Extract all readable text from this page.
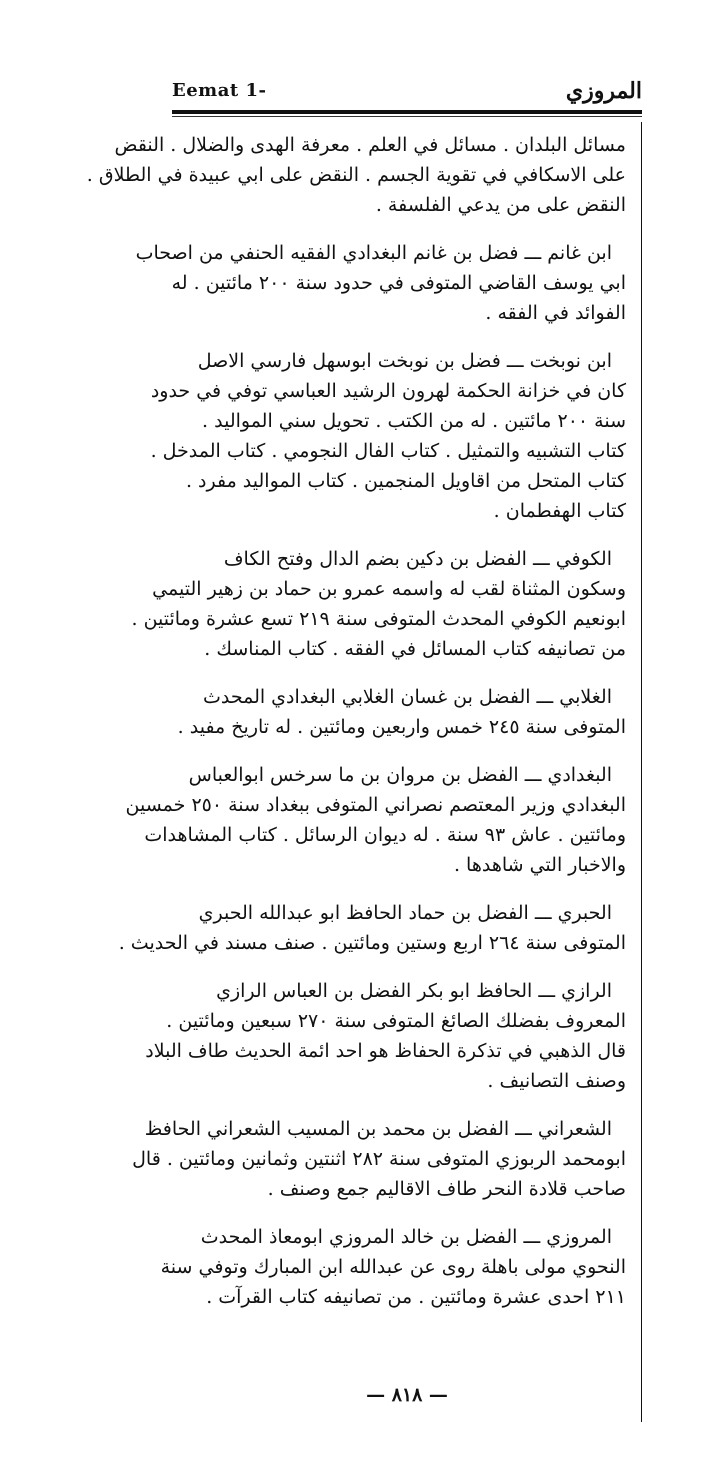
المروزي
Eemat 1-
مسائل البلدان . مسائل في العلم . معرفة الهدى والضلال . النقض
على الاسكافي في تقوية الجسم . النقض على ابي عبيدة في الطلاق .
النقض على من يدعي الفلسفة .
ابن غانم ـــ فضل بن غانم البغدادي الفقيه الحنفي من اصحاب
ابي يوسف القاضي المتوفى في حدود سنة ٢٠٠ مائتين . له
الفوائد في الفقه .
ابن نوبخت ـــ فضل بن نوبخت ابوسهل فارسي الاصل
كان في خزانة الحكمة لهرون الرشيد العباسي توفي في حدود
سنة ٢٠٠ مائتين . له من الكتب . تحويل سني المواليد .
كتاب التشبيه والتمثيل . كتاب الفال النجومي . كتاب المدخل .
كتاب المتحل من اقاويل المنجمين . كتاب المواليد مفرد .
كتاب الهفطمان .
الكوفي ـــ الفضل بن دكين بضم الدال وفتح الكاف
وسكون المثناة لقب له واسمه عمرو بن حماد بن زهير التيمي
ابونعيم الكوفي المحدث المتوفى سنة ٢١٩ تسع عشرة ومائتين .
من تصانيفه كتاب المسائل في الفقه . كتاب المناسك .
الغلابي ـــ الفضل بن غسان الغلابي البغدادي المحدث
المتوفى سنة ٢٤٥ خمس واربعين ومائتين . له تاريخ مفيد .
البغدادي ـــ الفضل بن مروان بن ما سرخس ابوالعباس
البغدادي وزير المعتصم نصراني المتوفى ببغداد سنة ٢٥٠ خمسين
ومائتين . عاش ٩٣ سنة . له ديوان الرسائل . كتاب المشاهدات
والاخبار التي شاهدها .
الحبري ـــ الفضل بن حماد الحافظ ابو عبدالله الحبري
المتوفى سنة ٢٦٤ اربع وستين ومائتين . صنف مسند في الحديث .
الرازي ـــ الحافظ ابو بكر الفضل بن العباس الرازي
المعروف بفضلك الصائغ المتوفى سنة ٢٧٠ سبعين ومائتين .
قال الذهبي في تذكرة الحفاظ هو احد ائمة الحديث طاف البلاد
وصنف التصانيف .
الشعراني ـــ الفضل بن محمد بن المسيب الشعراني الحافظ
ابومحمد الربوزي المتوفى سنة ٢٨٢ اثنتين وثمانين ومائتين . قال
صاحب قلادة النحر طاف الاقاليم جمع وصنف .
المروزي ـــ الفضل بن خالد المروزي ابومعاذ المحدث
النحوي مولى باهلة روى عن عبدالله ابن المبارك وتوفي سنة
٢١١ احدى عشرة ومائتين . من تصانيفه كتاب القرآت .
— ٨١٨ —
